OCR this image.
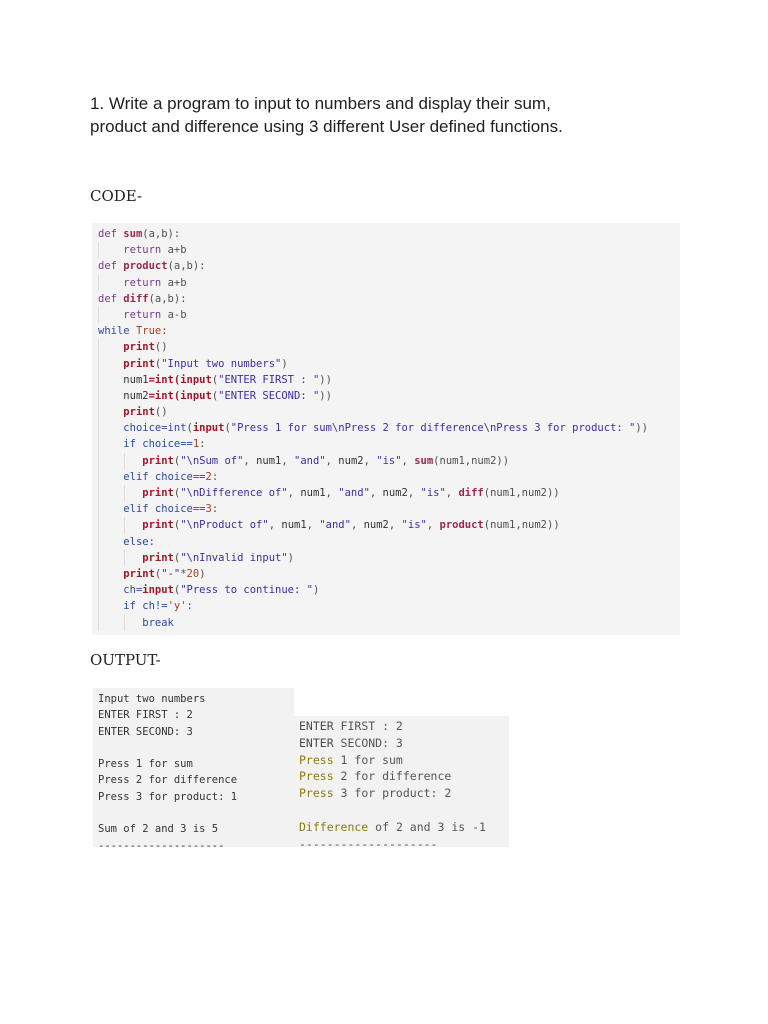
1. Write a program to input to numbers and display their sum,
product and difference using 3 different User defined functions.
CODE-
def sum(a,b):
return a+b
def product(a,b):
return a+b
def diff(a,b):
return a-b
while True:
print()
print("Input two numbers")
num1=int(input("ENTER FIRST : "))
num2=int(input("ENTER SECOND: "))
print()
choice=int(input("Press 1 for sum\nPress 2 for difference\nPress 3 for product: "))
if choice==1:
print("\nSum of", num1, "and", num2, "is", sum(num1,num2))
elif choice==2:
print("\nDifference of", num1, "and", num2, "is", diff(num1,num2))
elif choice==3:
print("\nProduct of", num1, "and", num2, "is", product(num1,num2))
else:
print("\nInvalid input")
print("-"*20)
ch=input("Press to continue: ")
if ch!='y':
break
OUTPUT-
Input two numbers
ENTER FIRST : 2
ENTER SECOND: 3
Press 1 for sum
Press 2 for difference
Press 3 for product: 1
Sum of 2 and 3 is 5
--------------------
ENTER FIRST : 2
ENTER SECOND: 3
Press 1 for sum
Press 2 for difference
Press 3 for product: 2
Difference of 2 and 3 is -1
--------------------
